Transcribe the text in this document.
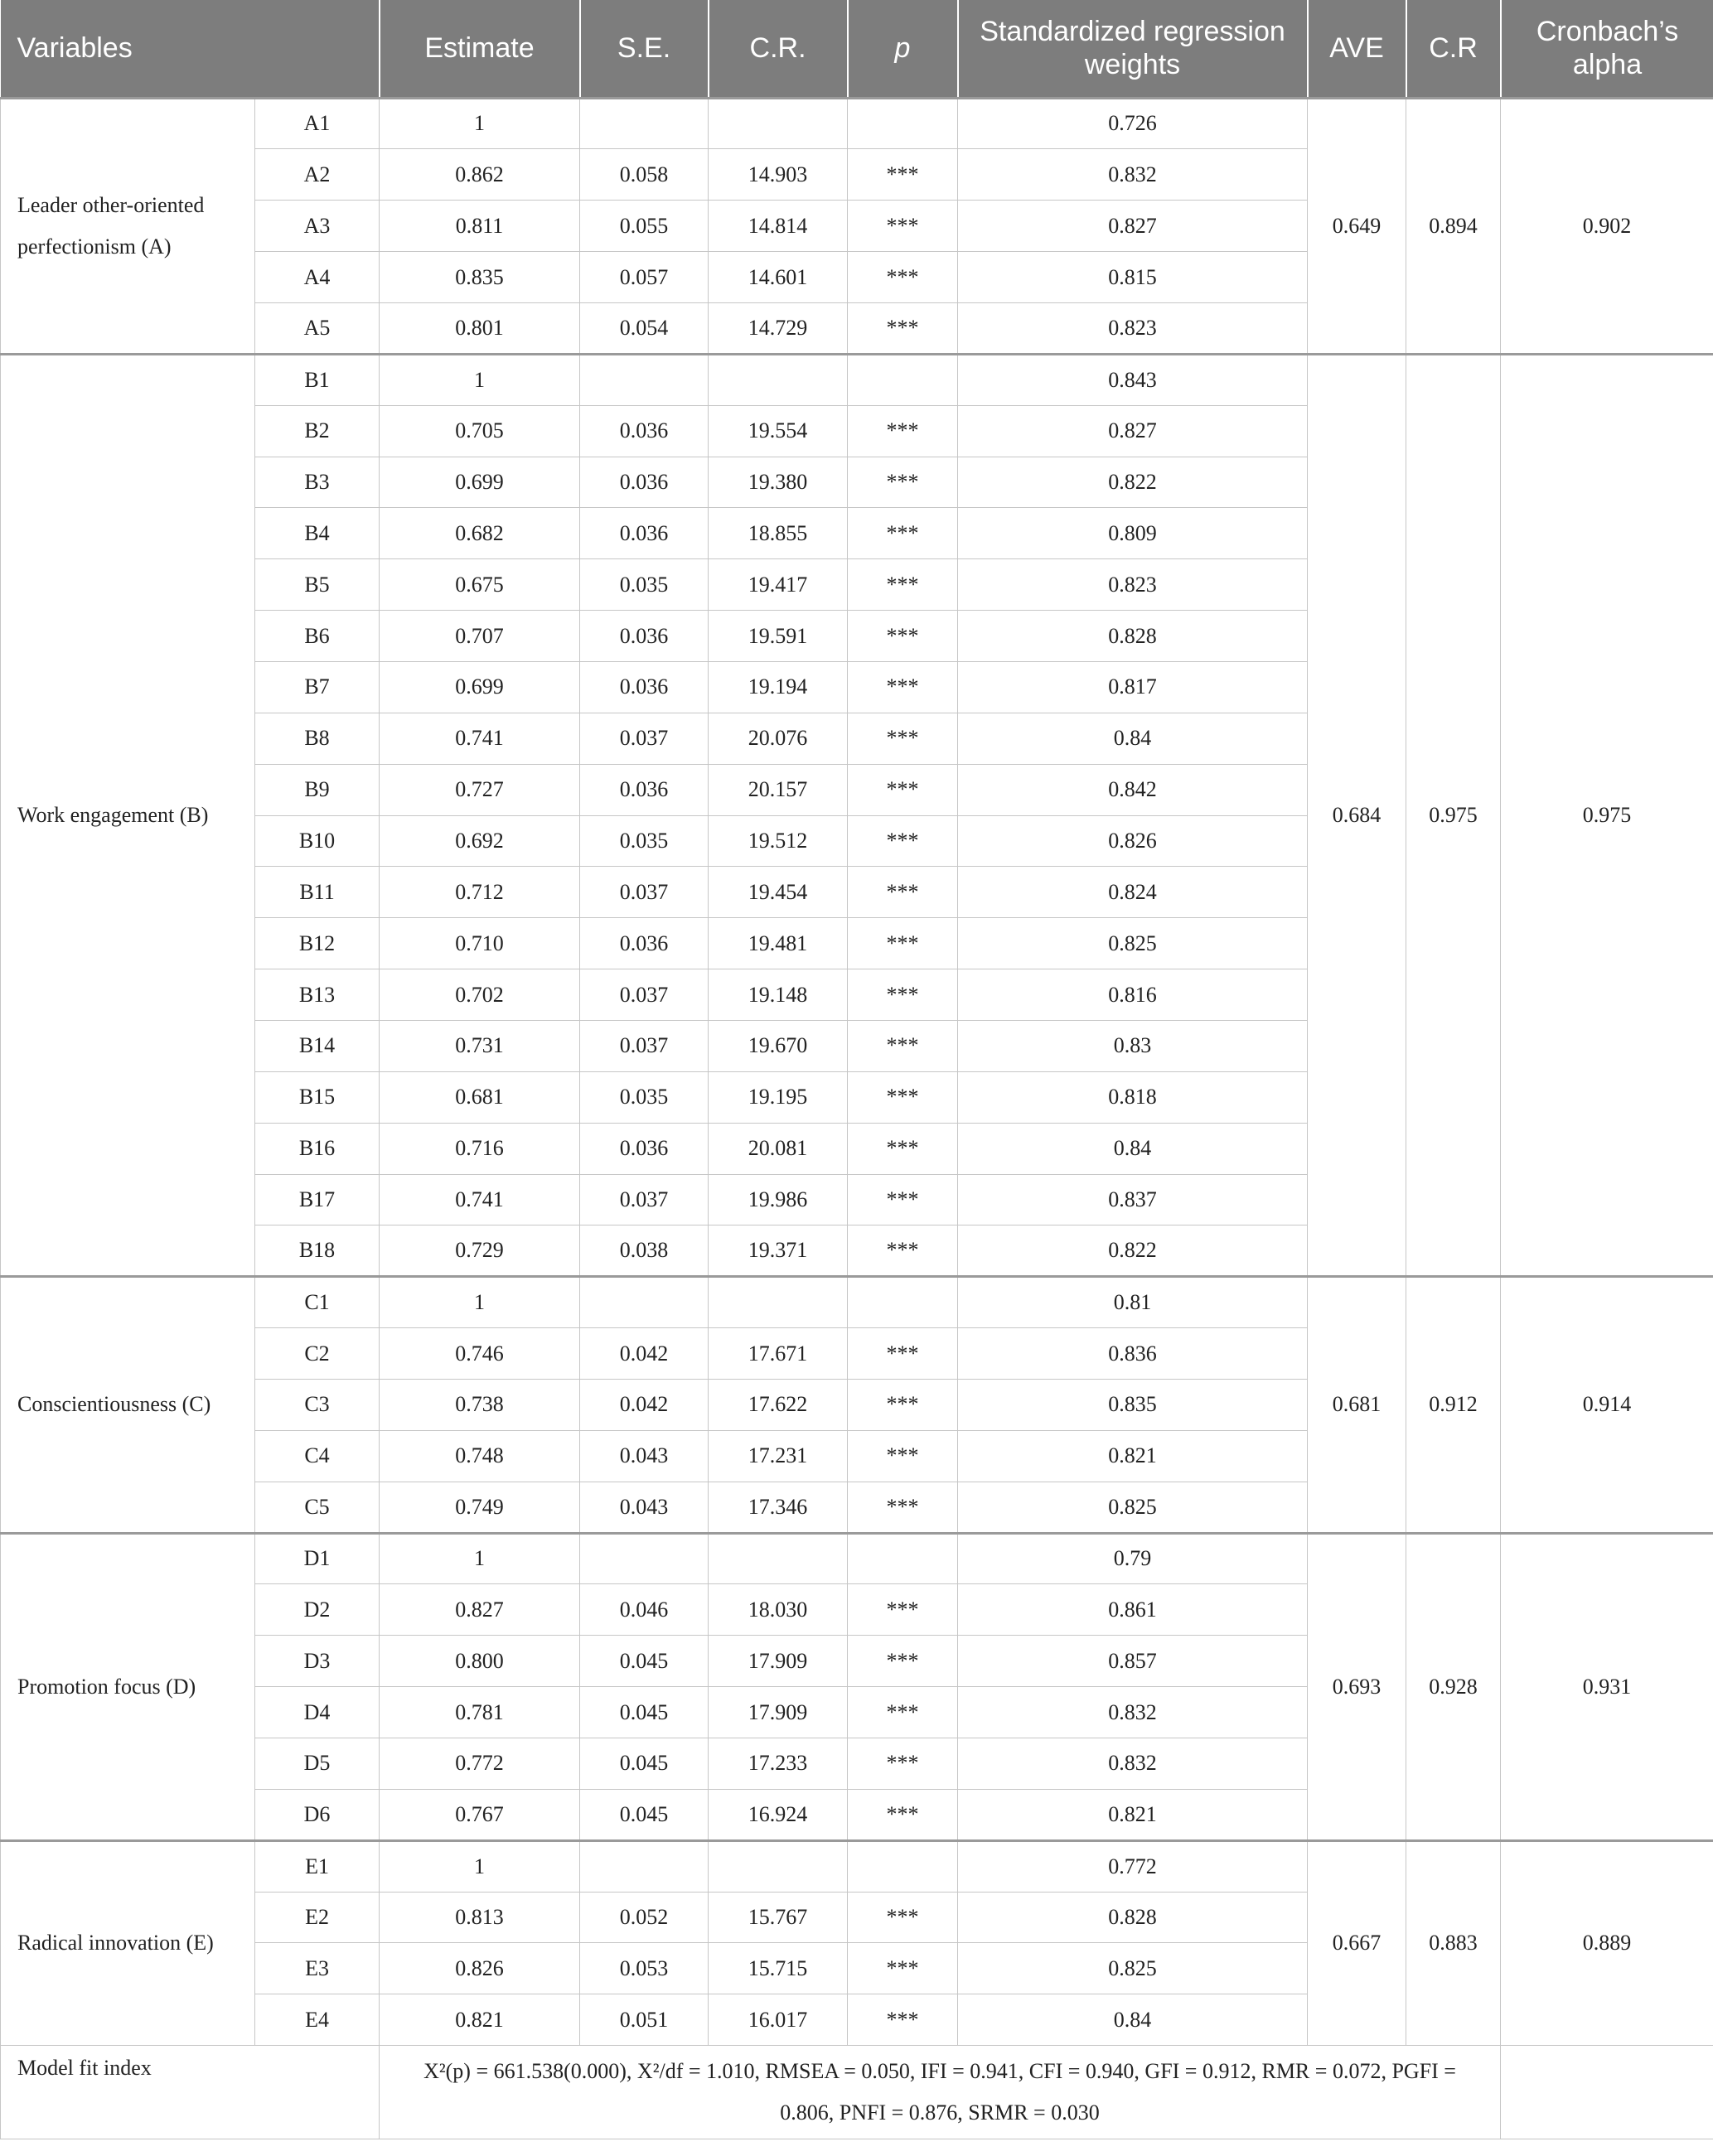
Variables		Estimate	S.E.	C.R.	p	Standardized regression weights	AVE	C.R	Cronbach’s alpha
Leader other-oriented perfectionism (A)	A1	1				0.726	0.649	0.894	0.902
	A2	0.862	0.058	14.903	***	0.832			
	A3	0.811	0.055	14.814	***	0.827			
	A4	0.835	0.057	14.601	***	0.815			
	A5	0.801	0.054	14.729	***	0.823			
Work engagement (B)	B1	1				0.843	0.684	0.975	0.975
	B2	0.705	0.036	19.554	***	0.827			
	B3	0.699	0.036	19.380	***	0.822			
	B4	0.682	0.036	18.855	***	0.809			
	B5	0.675	0.035	19.417	***	0.823			
	B6	0.707	0.036	19.591	***	0.828			
	B7	0.699	0.036	19.194	***	0.817			
	B8	0.741	0.037	20.076	***	0.84			
	B9	0.727	0.036	20.157	***	0.842			
	B10	0.692	0.035	19.512	***	0.826			
	B11	0.712	0.037	19.454	***	0.824			
	B12	0.710	0.036	19.481	***	0.825			
	B13	0.702	0.037	19.148	***	0.816			
	B14	0.731	0.037	19.670	***	0.83			
	B15	0.681	0.035	19.195	***	0.818			
	B16	0.716	0.036	20.081	***	0.84			
	B17	0.741	0.037	19.986	***	0.837			
	B18	0.729	0.038	19.371	***	0.822			
Conscientiousness (C)	C1	1				0.81	0.681	0.912	0.914
	C2	0.746	0.042	17.671	***	0.836			
	C3	0.738	0.042	17.622	***	0.835			
	C4	0.748	0.043	17.231	***	0.821			
	C5	0.749	0.043	17.346	***	0.825			
Promotion focus (D)	D1	1				0.79	0.693	0.928	0.931
	D2	0.827	0.046	18.030	***	0.861			
	D3	0.800	0.045	17.909	***	0.857			
	D4	0.781	0.045	17.909	***	0.832			
	D5	0.772	0.045	17.233	***	0.832			
	D6	0.767	0.045	16.924	***	0.821			
Radical innovation (E)	E1	1				0.772	0.667	0.883	0.889
	E2	0.813	0.052	15.767	***	0.828			
	E3	0.826	0.053	15.715	***	0.825			
	E4	0.821	0.051	16.017	***	0.84			
Model fit index		X²(p) = 661.538(0.000), X²/df = 1.010, RMSEA = 0.050, IFI = 0.941, CFI = 0.940, GFI = 0.912, RMR = 0.072, PGFI = 0.806, PNFI = 0.876, SRMR = 0.030							
